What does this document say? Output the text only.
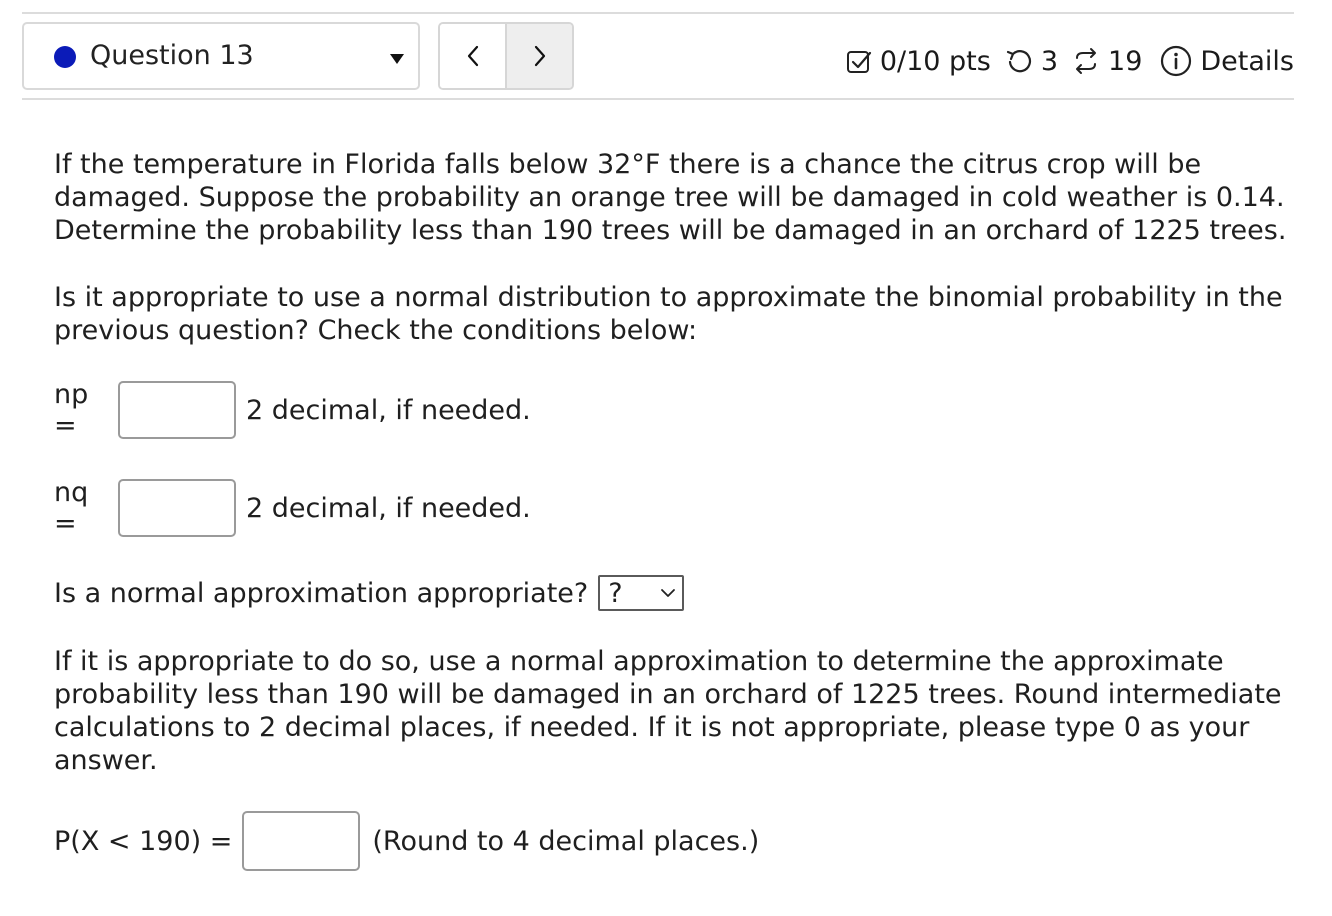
Question 13	0/10 pts 3 19 Details
If the temperature in Florida falls below 32°F there is a chance the citrus crop will be damaged. Suppose the probability an orange tree will be damaged in cold weather is 0.14. Determine the probability less than 190 trees will be damaged in an orchard of 1225 trees.
Is it appropriate to use a normal distribution to approximate the binomial probability in the previous question? Check the conditions below:
np =	2 decimal, if needed.
nq =	2 decimal, if needed.
Is a normal approximation appropriate? ?
If it is appropriate to do so, use a normal approximation to determine the approximate probability less than 190 will be damaged in an orchard of 1225 trees. Round intermediate calculations to 2 decimal places, if needed. If it is not appropriate, please type 0 as your answer.
P(X < 190) =	(Round to 4 decimal places.)
